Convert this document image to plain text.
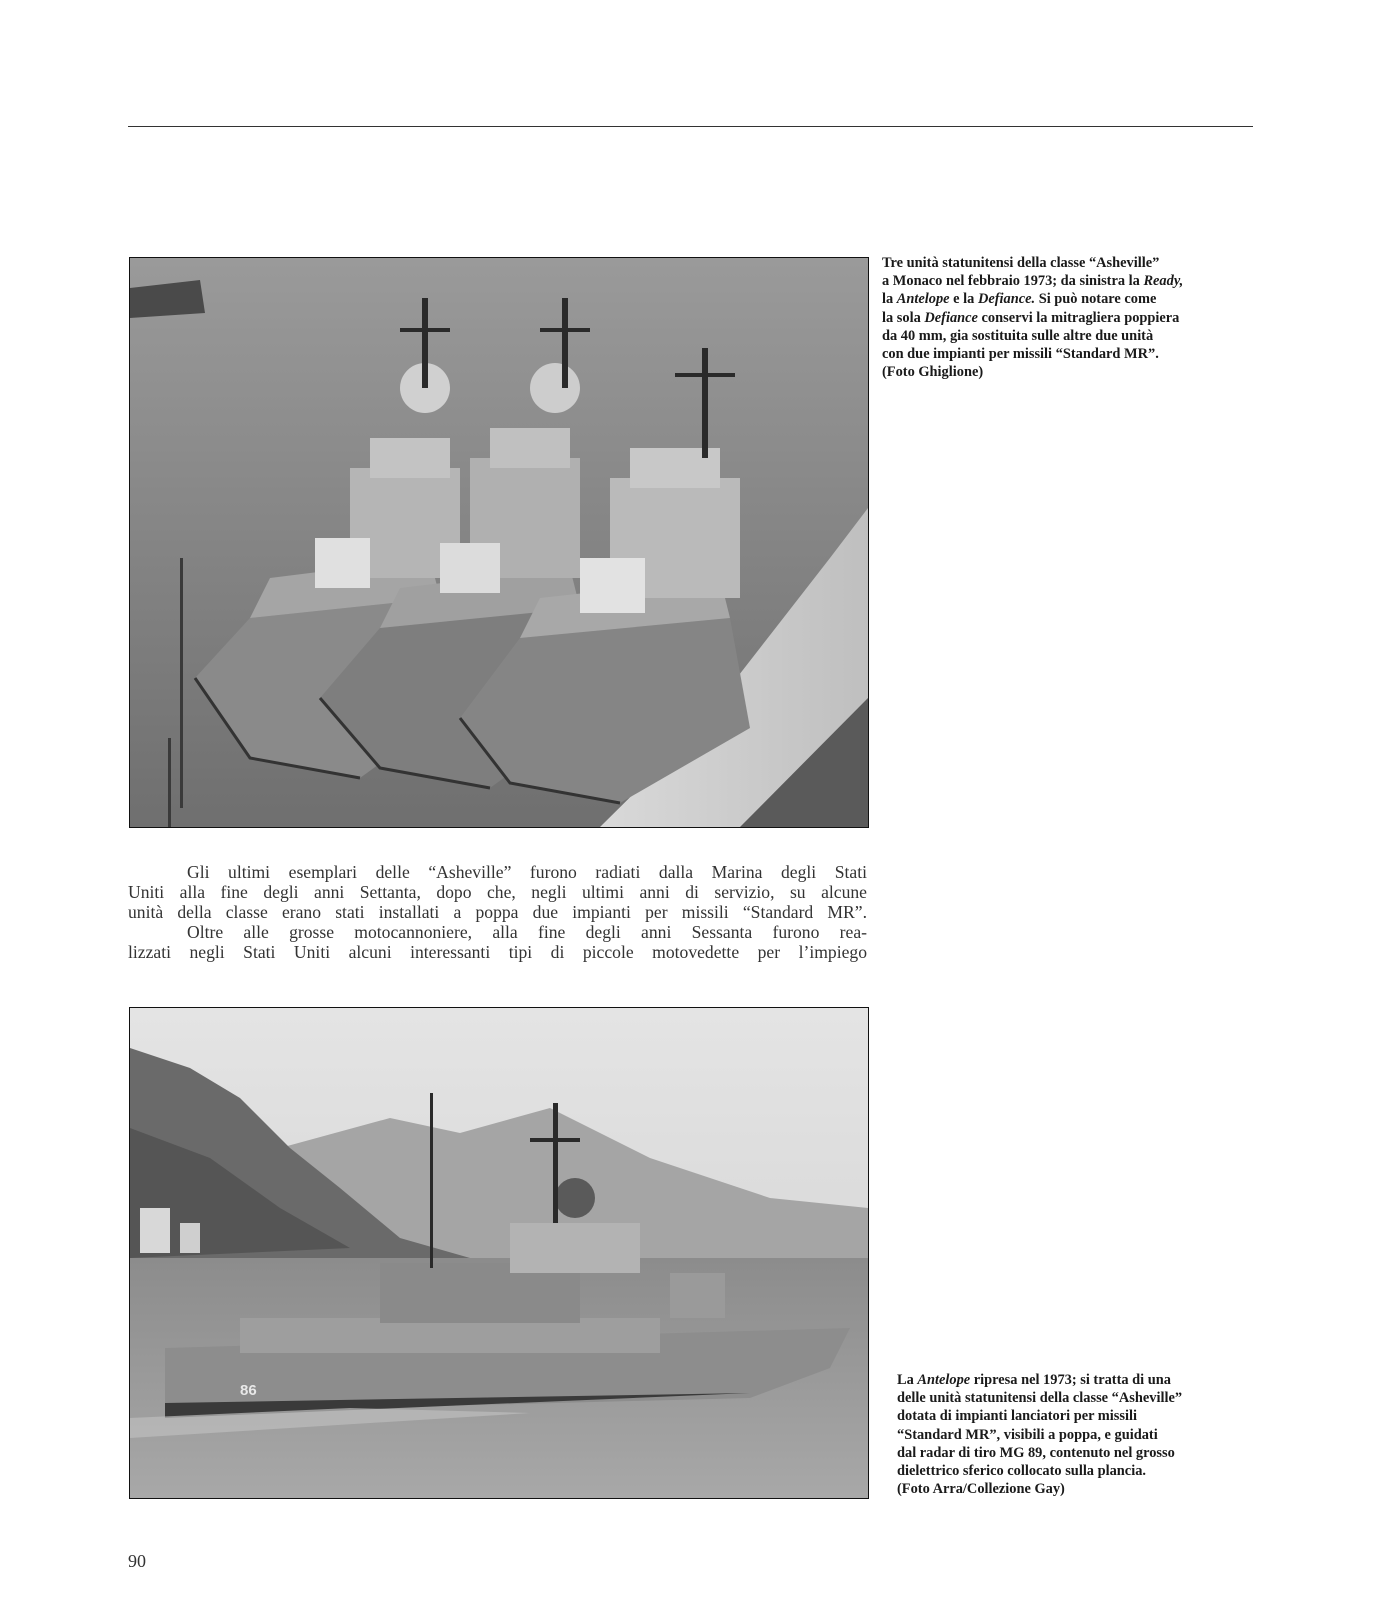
Tre unità statunitensi della classe “Asheville”
a Monaco nel febbraio 1973; da sinistra la Ready,
la Antelope e la Defiance. Si può notare come
la sola Defiance conservi la mitragliera poppiera
da 40 mm, gia sostituita sulle altre due unità
con due impianti per missili “Standard MR”.
(Foto Ghiglione)
Gli ultimi esemplari delle “Asheville” furono radiati dalla Marina degli Stati
Uniti alla fine degli anni Settanta, dopo che, negli ultimi anni di servizio, su alcune
unità della classe erano stati installati a poppa due impianti per missili “Standard MR”.
Oltre alle grosse motocannoniere, alla fine degli anni Sessanta furono rea-
lizzati negli Stati Uniti alcuni interessanti tipi di piccole motovedette per l’impiego
86
La Antelope ripresa nel 1973; si tratta di una
delle unità statunitensi della classe “Asheville”
dotata di impianti lanciatori per missili
“Standard MR”, visibili a poppa, e guidati
dal radar di tiro MG 89, contenuto nel grosso
dielettrico sferico collocato sulla plancia.
(Foto Arra/Collezione Gay)
90
